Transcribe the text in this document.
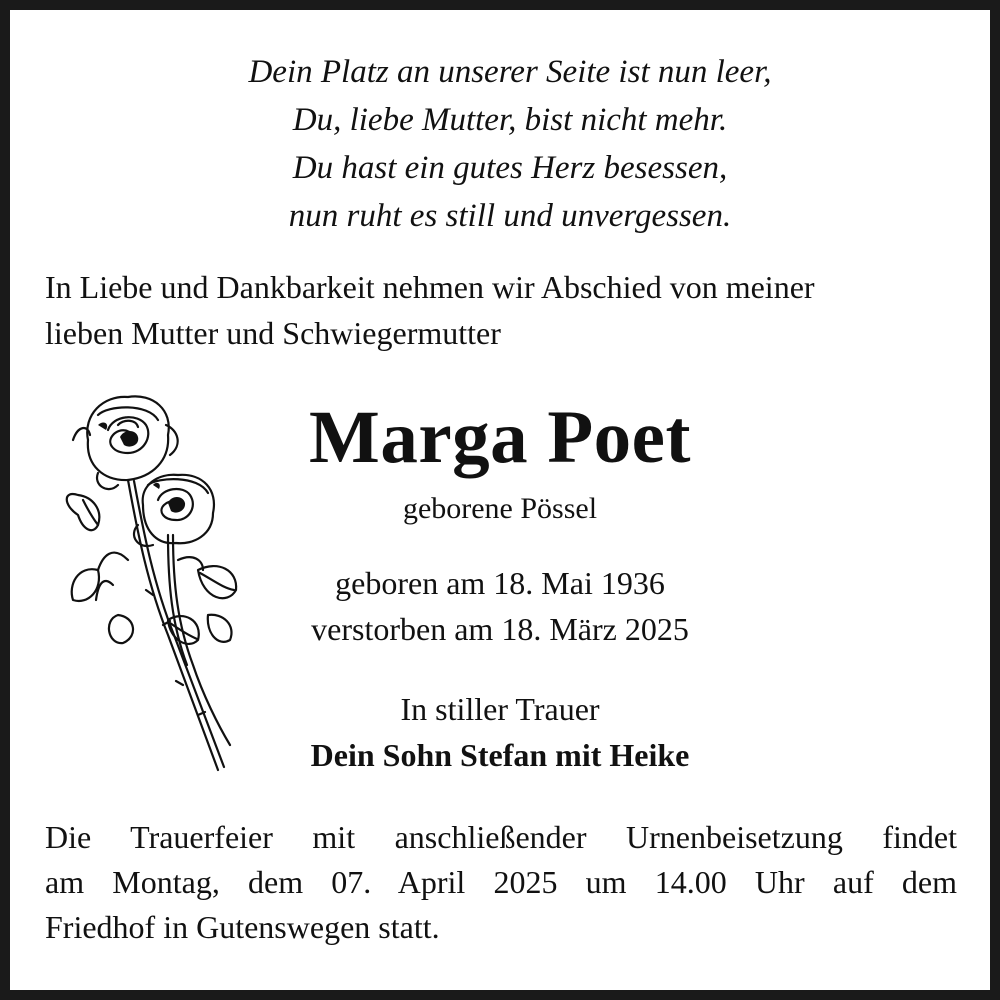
Dein Platz an unserer Seite ist nun leer,
Du, liebe Mutter, bist nicht mehr.
Du hast ein gutes Herz besessen,
nun ruht es still und unvergessen.
In Liebe und Dankbarkeit nehmen wir Abschied von meiner
lieben Mutter und Schwiegermutter
Marga Poet
geborene Pössel
geboren am 18. Mai 1936
verstorben am 18. März 2025
In stiller Trauer
Dein Sohn Stefan mit Heike
Die Trauerfeier mit anschließender Urnenbeisetzung findet
am Montag, dem 07. April 2025 um 14.00 Uhr auf dem
Friedhof in Gutenswegen statt.
